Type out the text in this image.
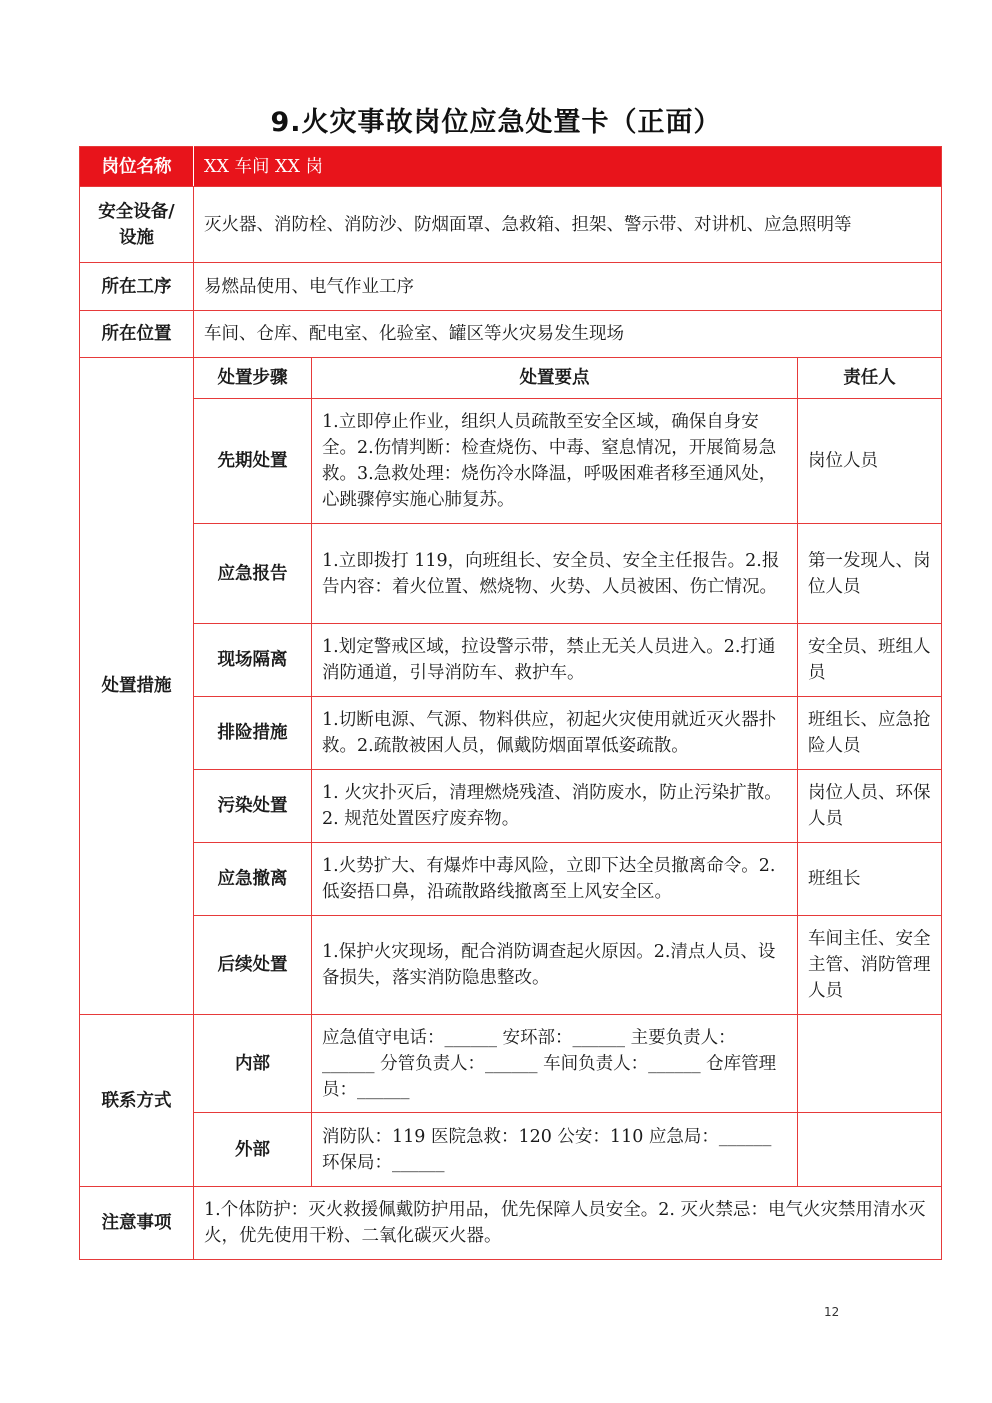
9.火灾事故岗位应急处置卡（正面）
岗位名称	XX 车间 XX 岗		
安全设备/设施	灭火器、消防栓、消防沙、防烟面罩、急救箱、担架、警示带、对讲机、应急照明等		
所在工序	易燃品使用、电气作业工序		
所在位置	车间、仓库、配电室、化验室、罐区等火灾易发生现场		
处置措施	处置步骤	处置要点	责任人
	先期处置	1.立即停止作业，组织人员疏散至安全区域，确保自身安全。2.伤情判断：检查烧伤、中毒、窒息情况，开展简易急救。3.急救处理：烧伤冷水降温，呼吸困难者移至通风处，心跳骤停实施心肺复苏。	岗位人员
	应急报告	1.立即拨打 119，向班组长、安全员、安全主任报告。2.报告内容：着火位置、燃烧物、火势、人员被困、伤亡情况。	第一发现人、岗位人员
	现场隔离	1.划定警戒区域，拉设警示带，禁止无关人员进入。2.打通消防通道，引导消防车、救护车。	安全员、班组人员
	排险措施	1.切断电源、气源、物料供应，初起火灾使用就近灭火器扑救。2.疏散被困人员，佩戴防烟面罩低姿疏散。	班组长、应急抢险人员
	污染处置	1. 火灾扑灭后，清理燃烧残渣、消防废水，防止污染扩散。2. 规范处置医疗废弃物。	岗位人员、环保人员
	应急撤离	1.火势扩大、有爆炸中毒风险，立即下达全员撤离命令。2.低姿捂口鼻，沿疏散路线撤离至上风安全区。	班组长
	后续处置	1.保护火灾现场，配合消防调查起火原因。2.清点人员、设备损失，落实消防隐患整改。	车间主任、安全主管、消防管理人员
联系方式	内部	应急值守电话：______ 安环部：______ 主要负责人：______ 分管负责人：______ 车间负责人：______ 仓库管理员：______	
	外部	消防队：119 医院急救：120 公安：110 应急局：______ 环保局：______	
注意事项	1.个体防护：灭火救援佩戴防护用品，优先保障人员安全。2. 灭火禁忌：电气火灾禁用清水灭火，优先使用干粉、二氧化碳灭火器。		
12
